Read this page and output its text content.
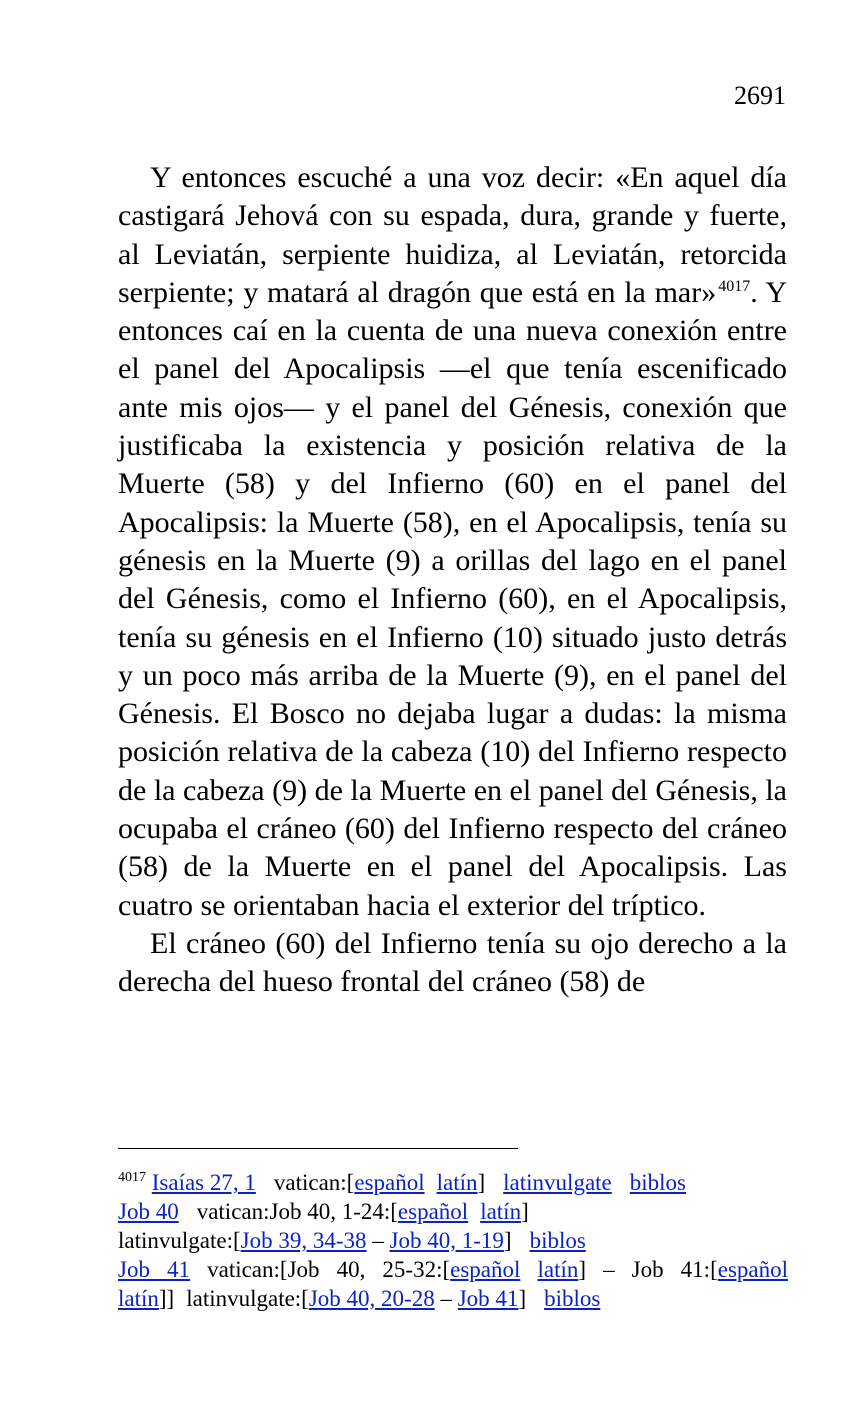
2691

Y entonces escuché a una voz decir: «En aquel día castigará Jehová con su espada, dura, grande y fuerte, al Leviatán, serpiente huidiza, al Leviatán, retorcida serpiente; y matará al dragón que está en la mar» $^{4017}$. Y entonces caí en la cuenta de una nueva conexión entre el panel del Apocalipsis —el que tenía escenificado ante mis ojos— y el panel del Génesis, conexión que justificaba la existencia y posición relativa de la Muerte (58) y del Infierno (60) en el panel del Apocalipsis: la Muerte (58), en el Apocalipsis, tenía su génesis en la Muerte (9) a orillas del lago en el panel del Génesis, como el Infierno (60), en el Apocalipsis, tenía su génesis en el Infierno (10) situado justo detrás y un poco más arriba de la Muerte (9), en el panel del Génesis. El Bosco no dejaba lugar a dudas: la misma posición relativa de la cabeza (10) del Infierno respecto de la cabeza (9) de la Muerte en el panel del Génesis, la ocupaba el cráneo (60) del Infierno respecto del cráneo (58) de la Muerte en el panel del Apocalipsis. Las cuatro se orientaban hacia el exterior del tríptico.

El cráneo (60) del Infierno tenía su ojo derecho a la derecha del hueso frontal del cráneo (58) de

$^{4017}$ Isaías 27, 1 vatican:[español latín] latinvulgate biblos
Job 40 vatican:Job 40, 1-24:[español latín]
latinvulgate:[Job 39, 34-38 – Job 40, 1-19] biblos
Job 41 vatican:[Job 40, 25-32:[español latín] – Job 41:[español
latín]] latinvulgate:[Job 40, 20-28 – Job 41] biblos
